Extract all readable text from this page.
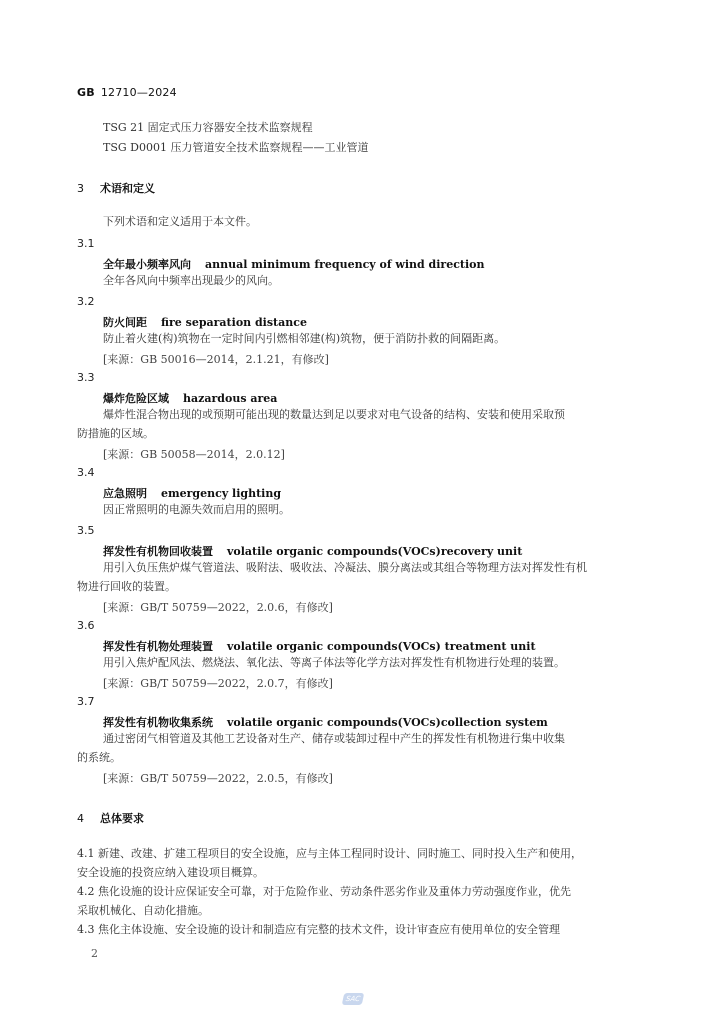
GB 12710—2024
TSG 21 固定式压力容器安全技术监察规程
TSG D0001 压力管道安全技术监察规程——工业管道
3 术语和定义
下列术语和定义适用于本文件。
3.1
全年最小频率风向 annual minimum frequency of wind direction
全年各风向中频率出现最少的风向。
3.2
防火间距 fire separation distance
防止着火建(构)筑物在一定时间内引燃相邻建(构)筑物，便于消防扑救的间隔距离。
[来源：GB 50016—2014，2.1.21，有修改]
3.3
爆炸危险区域 hazardous area
爆炸性混合物出现的或预期可能出现的数量达到足以要求对电气设备的结构、安装和使用采取预
防措施的区域。
[来源：GB 50058—2014，2.0.12]
3.4
应急照明 emergency lighting
因正常照明的电源失效而启用的照明。
3.5
挥发性有机物回收装置 volatile organic compounds(VOCs)recovery unit
用引入负压焦炉煤气管道法、吸附法、吸收法、冷凝法、膜分离法或其组合等物理方法对挥发性有机
物进行回收的装置。
[来源：GB/T 50759—2022，2.0.6，有修改]
3.6
挥发性有机物处理装置 volatile organic compounds(VOCs) treatment unit
用引入焦炉配风法、燃烧法、氧化法、等离子体法等化学方法对挥发性有机物进行处理的装置。
[来源：GB/T 50759—2022，2.0.7，有修改]
3.7
挥发性有机物收集系统 volatile organic compounds(VOCs)collection system
通过密闭气相管道及其他工艺设备对生产、储存或装卸过程中产生的挥发性有机物进行集中收集
的系统。
[来源：GB/T 50759—2022，2.0.5，有修改]
4 总体要求
4.1 新建、改建、扩建工程项目的安全设施，应与主体工程同时设计、同时施工、同时投入生产和使用，
安全设施的投资应纳入建设项目概算。
4.2 焦化设施的设计应保证安全可靠，对于危险作业、劳动条件恶劣作业及重体力劳动强度作业，优先
采取机械化、自动化措施。
4.3 焦化主体设施、安全设施的设计和制造应有完整的技术文件，设计审查应有使用单位的安全管理
2
SAC
